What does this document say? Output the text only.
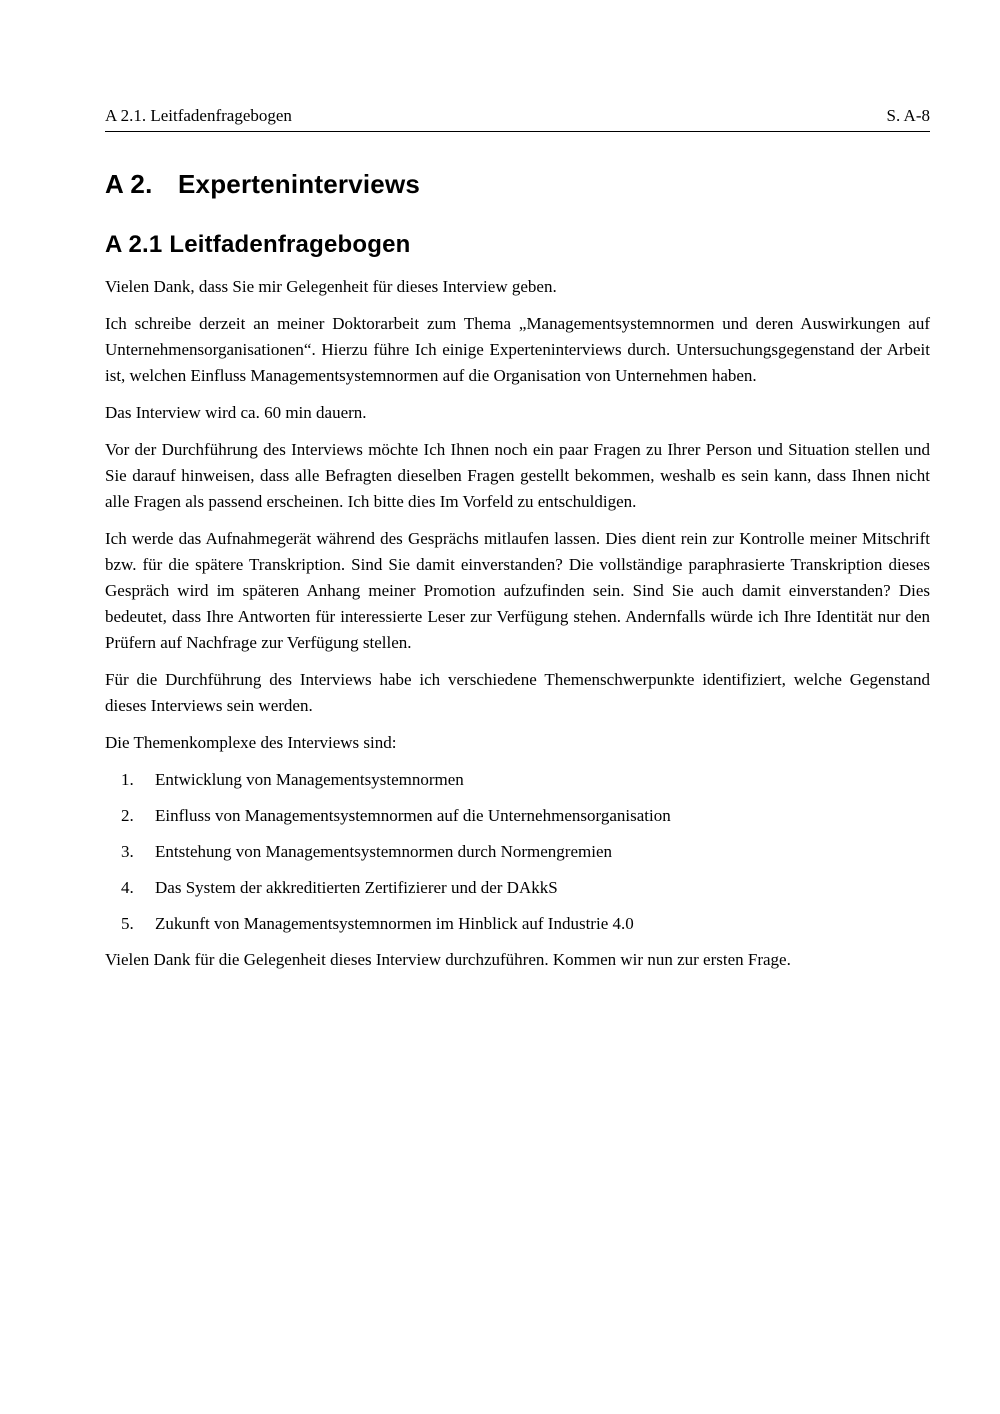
A 2.1. Leitfadenfragebogen	S. A-8
A 2. Experteninterviews
A 2.1 Leitfadenfragebogen

Vielen Dank, dass Sie mir Gelegenheit für dieses Interview geben.

Ich schreibe derzeit an meiner Doktorarbeit zum Thema „Managementsystemnormen und deren Auswirkungen auf Unternehmensorganisationen“. Hierzu führe Ich einige Experteninterviews durch. Untersuchungsgegenstand der Arbeit ist, welchen Einfluss Managementsystemnormen auf die Organisation von Unternehmen haben.

Das Interview wird ca. 60 min dauern.

Vor der Durchführung des Interviews möchte Ich Ihnen noch ein paar Fragen zu Ihrer Person und Situation stellen und Sie darauf hinweisen, dass alle Befragten dieselben Fragen gestellt bekommen, weshalb es sein kann, dass Ihnen nicht alle Fragen als passend erscheinen. Ich bitte dies Im Vorfeld zu entschuldigen.

Ich werde das Aufnahmegerät während des Gesprächs mitlaufen lassen. Dies dient rein zur Kontrolle meiner Mitschrift bzw. für die spätere Transkription. Sind Sie damit einverstanden? Die vollständige paraphrasierte Transkription dieses Gespräch wird im späteren Anhang meiner Promotion aufzufinden sein. Sind Sie auch damit einverstanden? Dies bedeutet, dass Ihre Antworten für interessierte Leser zur Verfügung stehen. Andernfalls würde ich Ihre Identität nur den Prüfern auf Nachfrage zur Verfügung stellen.

Für die Durchführung des Interviews habe ich verschiedene Themenschwerpunkte identifiziert, welche Gegenstand dieses Interviews sein werden.

Die Themenkomplexe des Interviews sind:

1.	Entwicklung von Managementsystemnormen
2.	Einfluss von Managementsystemnormen auf die Unternehmensorganisation
3.	Entstehung von Managementsystemnormen durch Normengremien
4.	Das System der akkreditierten Zertifizierer und der DAkkS
5.	Zukunft von Managementsystemnormen im Hinblick auf Industrie 4.0

Vielen Dank für die Gelegenheit dieses Interview durchzuführen. Kommen wir nun zur ersten Frage.
